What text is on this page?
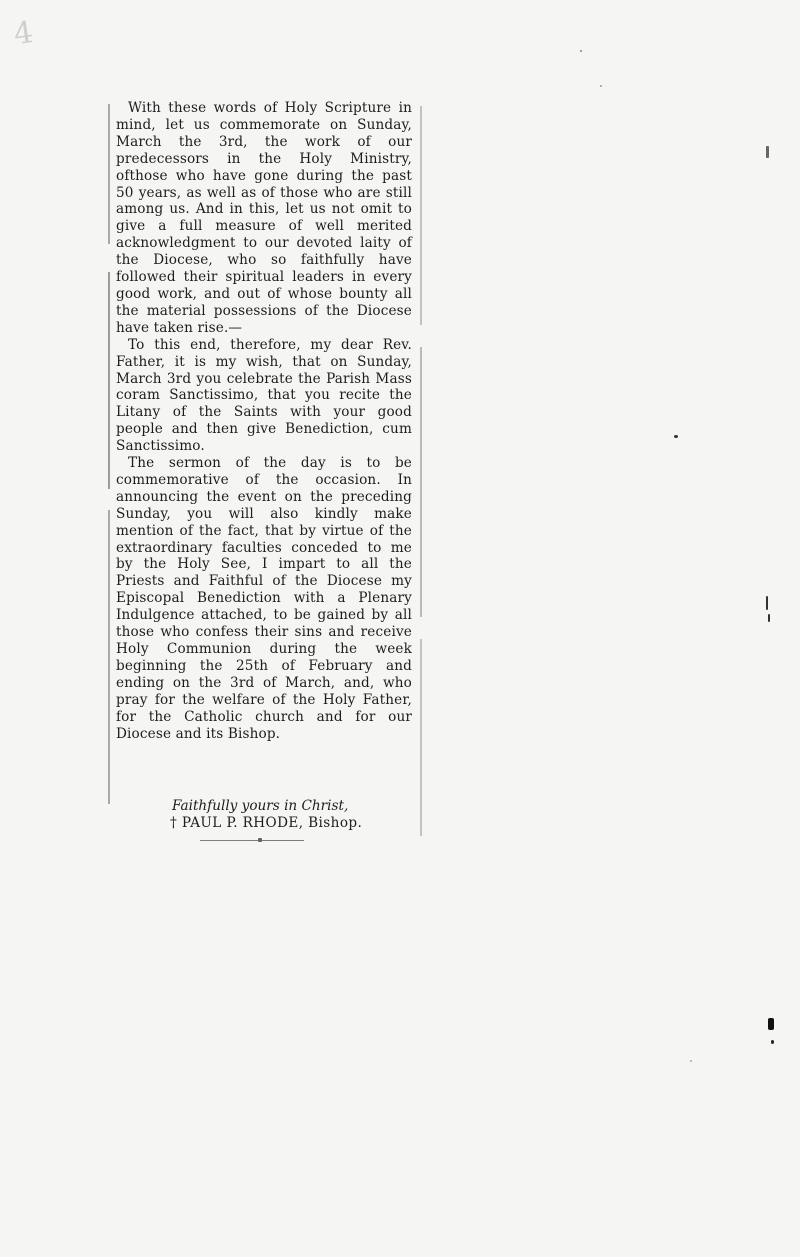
4

With these words of Holy Scripture in mind, let us commemorate on Sunday, March the 3rd, the work of our predecessors in the Holy Ministry, ofthose who have gone during the past 50 years, as well as of those who are still among us. And in this, let us not omit to give a full measure of well merited acknowledgment to our devoted laity of the Diocese, who so faithfully have followed their spiritual leaders in every good work, and out of whose bounty all the material possessions of the Diocese have taken rise.—

To this end, therefore, my dear Rev. Father, it is my wish, that on Sunday, March 3rd you celebrate the Parish Mass coram Sanctissimo, that you recite the Litany of the Saints with your good people and then give Benediction, cum Sanctissimo.

The sermon of the day is to be commemorative of the occasion. In announcing the event on the preceding Sunday, you will also kindly make mention of the fact, that by virtue of the extraordinary faculties conceded to me by the Holy See, I impart to all the Priests and Faithful of the Diocese my Episcopal Benediction with a Plenary Indulgence attached, to be gained by all those who confess their sins and receive Holy Communion during the week beginning the 25th of February and ending on the 3rd of March, and, who pray for the welfare of the Holy Father, for the Catholic church and for our Diocese and its Bishop.

Faithfully yours in Christ,
† PAUL P. RHODE, Bishop.
